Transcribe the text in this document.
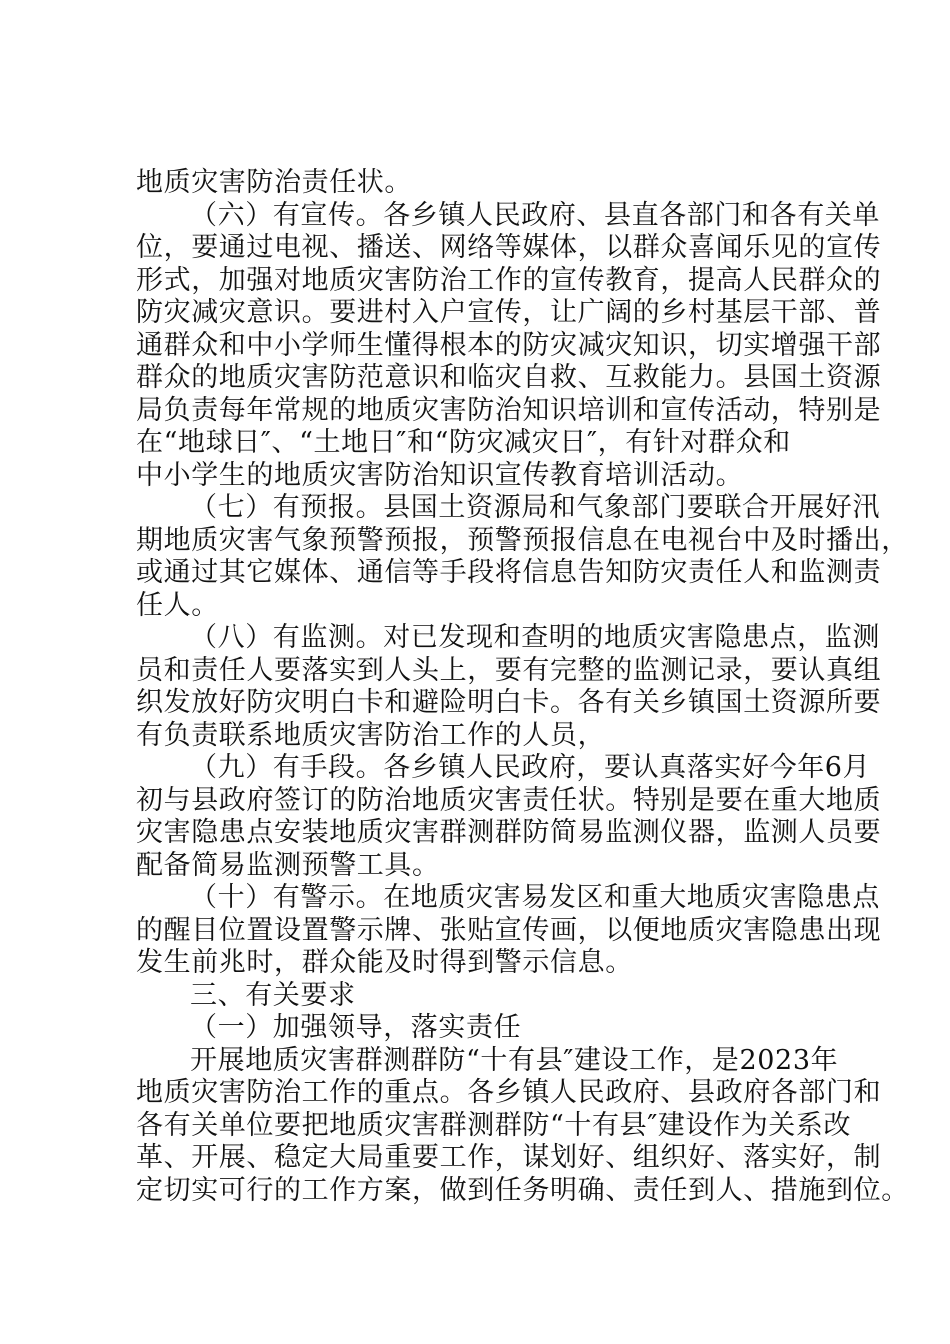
地质灾害防治责任状。
（六）有宣传。各乡镇人民政府、县直各部门和各有关单
位，要通过电视、播送、网络等媒体，以群众喜闻乐见的宣传
形式，加强对地质灾害防治工作的宣传教育，提高人民群众的
防灾减灾意识。要进村入户宣传，让广阔的乡村基层干部、普
通群众和中小学师生懂得根本的防灾减灾知识，切实增强干部
群众的地质灾害防范意识和临灾自救、互救能力。县国土资源
局负责每年常规的地质灾害防治知识培训和宣传活动，特别是
在“地球日″、“土地日″和“防灾减灾日″，有针对群众和
中小学生的地质灾害防治知识宣传教育培训活动。
（七）有预报。县国土资源局和气象部门要联合开展好汛
期地质灾害气象预警预报，预警预报信息在电视台中及时播出，
或通过其它媒体、通信等手段将信息告知防灾责任人和监测责
任人。
（八）有监测。对已发现和查明的地质灾害隐患点，监测
员和责任人要落实到人头上，要有完整的监测记录，要认真组
织发放好防灾明白卡和避险明白卡。各有关乡镇国土资源所要
有负责联系地质灾害防治工作的人员，
（九）有手段。各乡镇人民政府，要认真落实好今年6月
初与县政府签订的防治地质灾害责任状。特别是要在重大地质
灾害隐患点安装地质灾害群测群防简易监测仪器，监测人员要
配备简易监测预警工具。
（十）有警示。在地质灾害易发区和重大地质灾害隐患点
的醒目位置设置警示牌、张贴宣传画，以便地质灾害隐患出现
发生前兆时，群众能及时得到警示信息。
三、有关要求
（一）加强领导，落实责任
开展地质灾害群测群防“十有县″建设工作，是2023年
地质灾害防治工作的重点。各乡镇人民政府、县政府各部门和
各有关单位要把地质灾害群测群防“十有县″建设作为关系改
革、开展、稳定大局重要工作，谋划好、组织好、落实好，制
定切实可行的工作方案，做到任务明确、责任到人、措施到位。
